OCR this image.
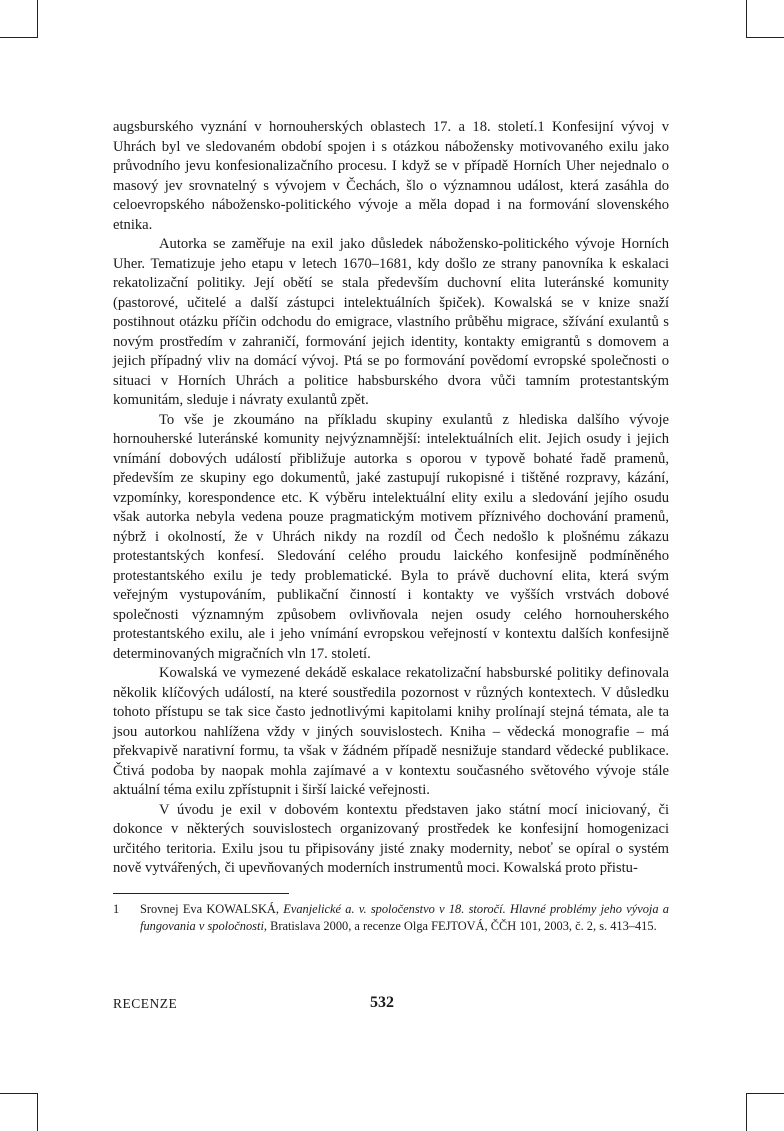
augsburského vyznání v hornouherských oblastech 17. a 18. století.1 Konfesijní vývoj v Uhrách byl ve sledovaném období spojen i s otázkou nábožensky motivovaného exilu jako průvodního jevu konfesionalizačního procesu. I když se v případě Horních Uher nejednalo o masový jev srovnatelný s vývojem v Čechách, šlo o významnou událost, která zasáhla do celoevropského nábožensko-politického vývoje a měla dopad i na formování slovenského etnika.

Autorka se zaměřuje na exil jako důsledek nábožensko-politického vývoje Horních Uher. Tematizuje jeho etapu v letech 1670–1681, kdy došlo ze strany panovníka k eskalaci rekatolizační politiky. Její obětí se stala především duchovní elita luteránské komunity (pastorové, učitelé a další zástupci intelektuálních špiček). Kowalská se v knize snaží postihnout otázku příčin odchodu do emigrace, vlastního průběhu migrace, sžívání exulantů s novým prostředím v zahraničí, formování jejich identity, kontakty emigrantů s domovem a jejich případný vliv na domácí vývoj. Ptá se po formování povědomí evropské společnosti o situaci v Horních Uhrách a politice habsburského dvora vůči tamním protestantským komunitám, sleduje i návraty exulantů zpět.

To vše je zkoumáno na příkladu skupiny exulantů z hlediska dalšího vývoje hornouherské luteránské komunity nejvýznamnější: intelektuálních elit. Jejich osudy i jejich vnímání dobových událostí přibližuje autorka s oporou v typově bohaté řadě pramenů, především ze skupiny ego dokumentů, jaké zastupují rukopisné i tištěné rozpravy, kázání, vzpomínky, korespondence etc. K výběru intelektuální elity exilu a sledování jejího osudu však autorka nebyla vedena pouze pragmatickým motivem příznivého dochování pramenů, nýbrž i okolností, že v Uhrách nikdy na rozdíl od Čech nedošlo k plošnému zákazu protestantských konfesí. Sledování celého proudu laického konfesijně podmíněného protestantského exilu je tedy problematické. Byla to právě duchovní elita, která svým veřejným vystupováním, publikační činností i kontakty ve vyšších vrstvách dobové společnosti významným způsobem ovlivňovala nejen osudy celého hornouherského protestantského exilu, ale i jeho vnímání evropskou veřejností v kontextu dalších konfesijně determinovaných migračních vln 17. století.

Kowalská ve vymezené dekádě eskalace rekatolizační habsburské politiky definovala několik klíčových událostí, na které soustředila pozornost v různých kontextech. V důsledku tohoto přístupu se tak sice často jednotlivými kapitolami knihy prolínají stejná témata, ale ta jsou autorkou nahlížena vždy v jiných souvislostech. Kniha – vědecká monografie – má překvapivě narativní formu, ta však v žádném případě nesnižuje standard vědecké publikace. Čtivá podoba by naopak mohla zajímavé a v kontextu současného světového vývoje stále aktuální téma exilu zpřístupnit i širší laické veřejnosti.

V úvodu je exil v dobovém kontextu představen jako státní mocí iniciovaný, či dokonce v některých souvislostech organizovaný prostředek ke konfesijní homogenizaci určitého teritoria. Exilu jsou tu připisovány jisté znaky modernity, neboť se opíral o systém nově vytvářených, či upevňovaných moderních instrumentů moci. Kowalská proto přistu-

1	Srovnej Eva KOWALSKÁ, Evanjelické a. v. spoločenstvo v 18. storočí. Hlavné problémy jeho vývoja a fungovania v spoločnosti, Bratislava 2000, a recenze Olga FEJTOVÁ, ČČH 101, 2003, č. 2, s. 413–415.
RECENZE	532
